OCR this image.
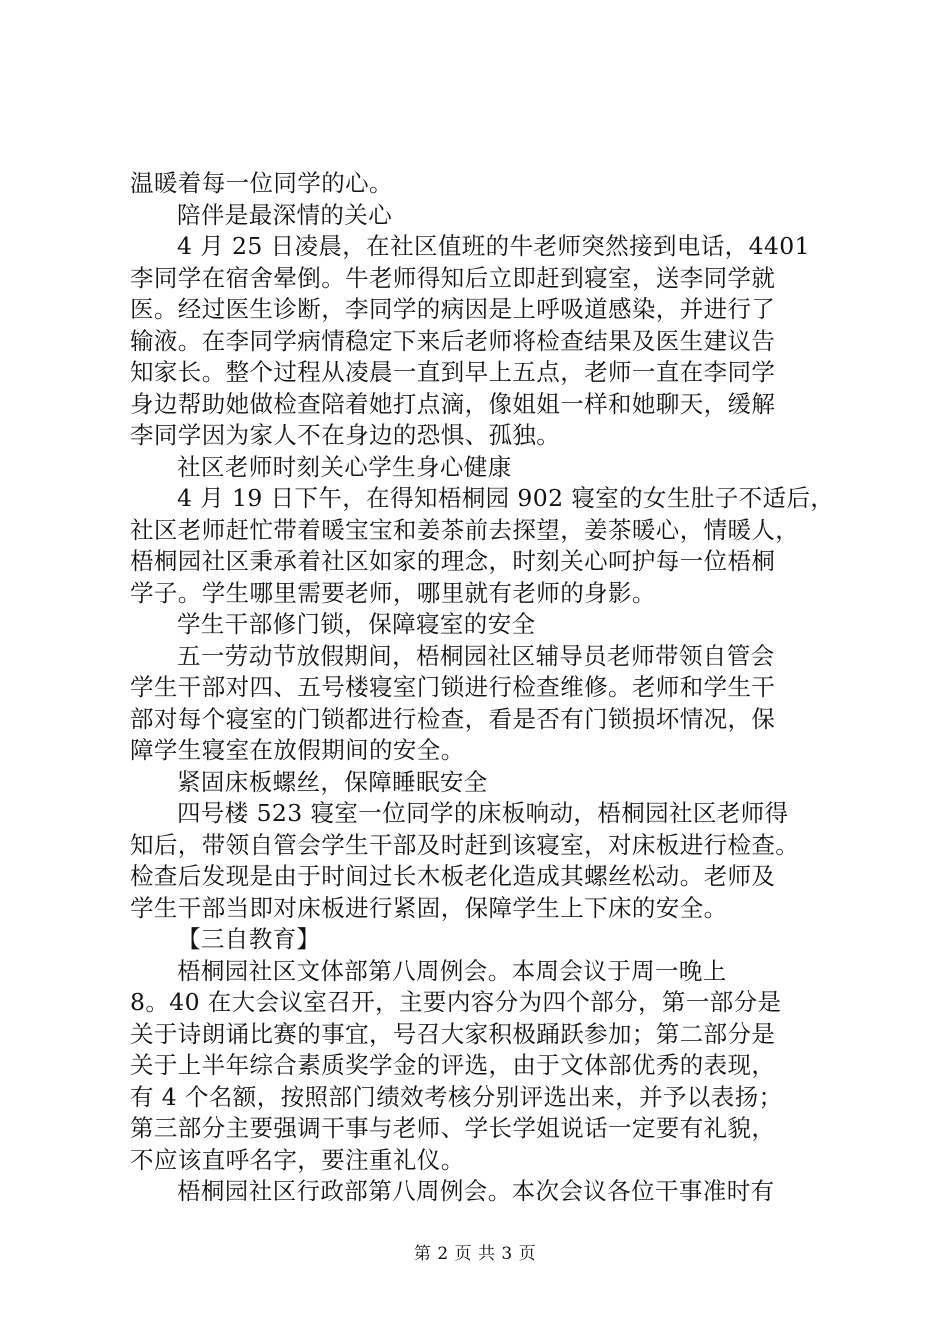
温暖着每一位同学的心。
陪伴是最深情的关心
4 月 25 日凌晨，在社区值班的牛老师突然接到电话，4401
李同学在宿舍晕倒。牛老师得知后立即赶到寝室，送李同学就
医。经过医生诊断，李同学的病因是上呼吸道感染，并进行了
输液。在李同学病情稳定下来后老师将检查结果及医生建议告
知家长。整个过程从凌晨一直到早上五点，老师一直在李同学
身边帮助她做检查陪着她打点滴，像姐姐一样和她聊天，缓解
李同学因为家人不在身边的恐惧、孤独。
社区老师时刻关心学生身心健康
4 月 19 日下午，在得知梧桐园 902 寝室的女生肚子不适后，
社区老师赶忙带着暖宝宝和姜茶前去探望，姜茶暖心，情暖人，
梧桐园社区秉承着社区如家的理念，时刻关心呵护每一位梧桐
学子。学生哪里需要老师，哪里就有老师的身影。
学生干部修门锁，保障寝室的安全
五一劳动节放假期间，梧桐园社区辅导员老师带领自管会
学生干部对四、五号楼寝室门锁进行检查维修。老师和学生干
部对每个寝室的门锁都进行检查，看是否有门锁损坏情况，保
障学生寝室在放假期间的安全。
紧固床板螺丝，保障睡眠安全
四号楼 523 寝室一位同学的床板响动，梧桐园社区老师得
知后，带领自管会学生干部及时赶到该寝室，对床板进行检查。
检查后发现是由于时间过长木板老化造成其螺丝松动。老师及
学生干部当即对床板进行紧固，保障学生上下床的安全。
【三自教育】
梧桐园社区文体部第八周例会。本周会议于周一晚上
8。40 在大会议室召开，主要内容分为四个部分，第一部分是
关于诗朗诵比赛的事宜，号召大家积极踊跃参加；第二部分是
关于上半年综合素质奖学金的评选，由于文体部优秀的表现，
有 4 个名额，按照部门绩效考核分别评选出来，并予以表扬；
第三部分主要强调干事与老师、学长学姐说话一定要有礼貌，
不应该直呼名字，要注重礼仪。
梧桐园社区行政部第八周例会。本次会议各位干事准时有
第 2 页 共 3 页
